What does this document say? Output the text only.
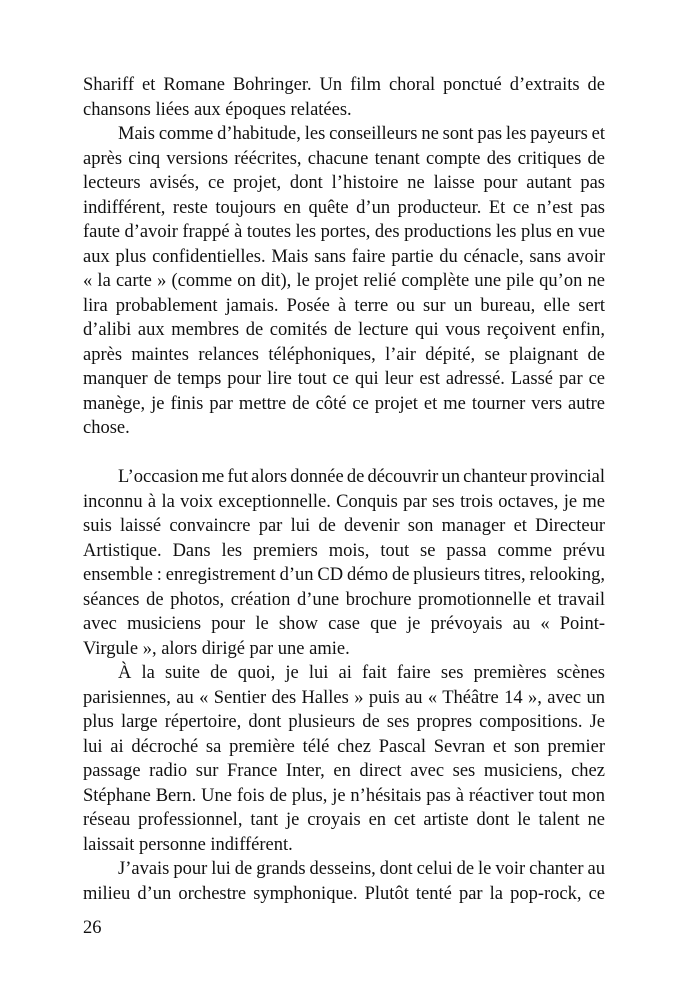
Shariff et Romane Bohringer. Un film choral ponctué d’extraits de
chansons liées aux époques relatées.
Mais comme d’habitude, les conseilleurs ne sont pas les payeurs et
après cinq versions réécrites, chacune tenant compte des critiques de
lecteurs avisés, ce projet, dont l’histoire ne laisse pour autant pas
indifférent, reste toujours en quête d’un producteur. Et ce n’est pas
faute d’avoir frappé à toutes les portes, des productions les plus en vue
aux plus confidentielles. Mais sans faire partie du cénacle, sans avoir
« la carte » (comme on dit), le projet relié complète une pile qu’on ne
lira probablement jamais. Posée à terre ou sur un bureau, elle sert
d’alibi aux membres de comités de lecture qui vous reçoivent enfin,
après maintes relances téléphoniques, l’air dépité, se plaignant de
manquer de temps pour lire tout ce qui leur est adressé. Lassé par ce
manège, je finis par mettre de côté ce projet et me tourner vers autre
chose.
L’occasion me fut alors donnée de découvrir un chanteur provincial
inconnu à la voix exceptionnelle. Conquis par ses trois octaves, je me
suis laissé convaincre par lui de devenir son manager et Directeur
Artistique. Dans les premiers mois, tout se passa comme prévu
ensemble : enregistrement d’un CD démo de plusieurs titres, relooking,
séances de photos, création d’une brochure promotionnelle et travail
avec musiciens pour le show case que je prévoyais au « Point-
Virgule », alors dirigé par une amie.
À la suite de quoi, je lui ai fait faire ses premières scènes
parisiennes, au « Sentier des Halles » puis au « Théâtre 14 », avec un
plus large répertoire, dont plusieurs de ses propres compositions. Je
lui ai décroché sa première télé chez Pascal Sevran et son premier
passage radio sur France Inter, en direct avec ses musiciens, chez
Stéphane Bern. Une fois de plus, je n’hésitais pas à réactiver tout mon
réseau professionnel, tant je croyais en cet artiste dont le talent ne
laissait personne indifférent.
J’avais pour lui de grands desseins, dont celui de le voir chanter au
milieu d’un orchestre symphonique. Plutôt tenté par la pop-rock, ce
26
